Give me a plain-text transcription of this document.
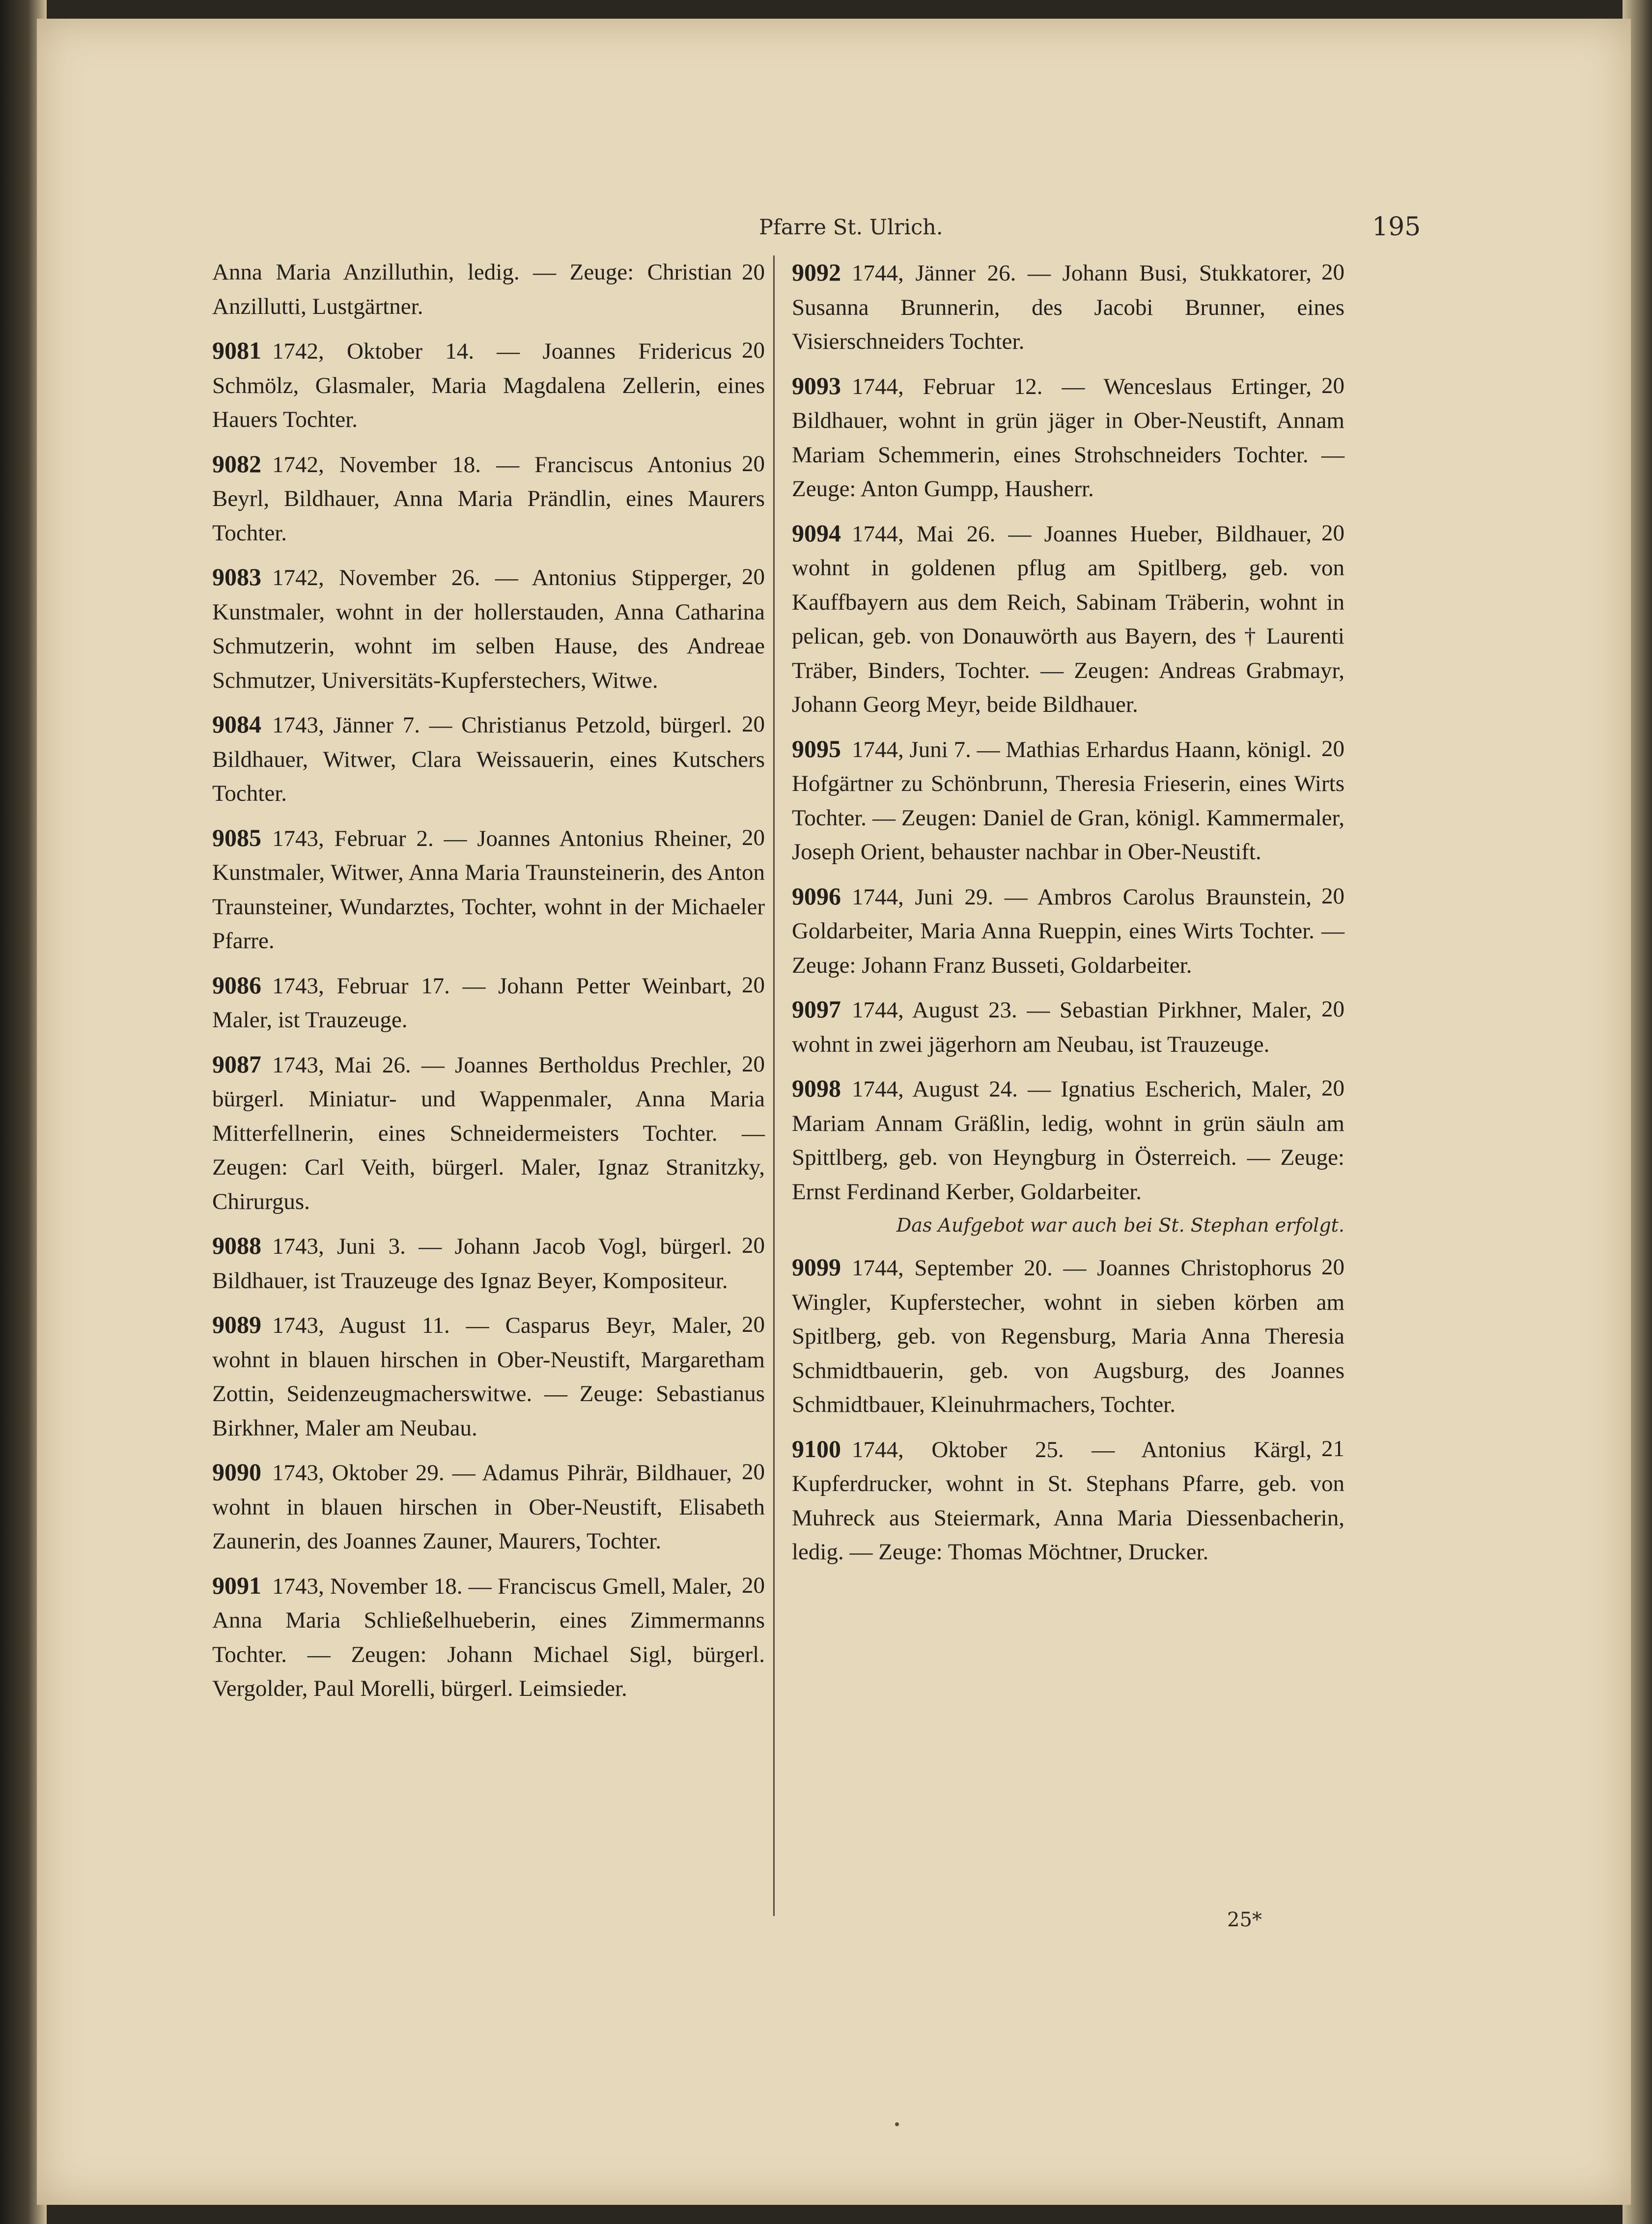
Pfarre St. Ulrich.	195
20
Anna Maria Anzilluthin, ledig. — Zeuge: Christian Anzillutti, Lustgärtner.
9081	20
1742, Oktober 14. — Joannes Fridericus Schmölz, Glasmaler, Maria Magdalena Zellerin, eines Hauers Tochter.
9082	20
1742, November 18. — Franciscus Antonius Beyrl, Bildhauer, Anna Maria Prändlin, eines Maurers Tochter.
9083	20
1742, November 26. — Antonius Stipperger, Kunstmaler, wohnt in der hollerstauden, Anna Catharina Schmutzerin, wohnt im selben Hause, des Andreae Schmutzer, Universitäts-Kupferstechers, Witwe.
9084	20
1743, Jänner 7. — Christianus Petzold, bürgerl. Bildhauer, Witwer, Clara Weissauerin, eines Kutschers Tochter.
9085	20
1743, Februar 2. — Joannes Antonius Rheiner, Kunstmaler, Witwer, Anna Maria Traunsteinerin, des Anton Traunsteiner, Wundarztes, Tochter, wohnt in der Michaeler Pfarre.
9086	20
1743, Februar 17. — Johann Petter Weinbart, Maler, ist Trauzeuge.
9087	20
1743, Mai 26. — Joannes Bertholdus Prechler, bürgerl. Miniatur- und Wappenmaler, Anna Maria Mitterfellnerin, eines Schneidermeisters Tochter. — Zeugen: Carl Veith, bürgerl. Maler, Ignaz Stranitzky, Chirurgus.
9088	20
1743, Juni 3. — Johann Jacob Vogl, bürgerl. Bildhauer, ist Trauzeuge des Ignaz Beyer, Kompositeur.
9089	20
1743, August 11. — Casparus Beyr, Maler, wohnt in blauen hirschen in Ober-Neustift, Margaretham Zottin, Seidenzeugmacherswitwe. — Zeuge: Sebastianus Birkhner, Maler am Neubau.
9090	20
1743, Oktober 29. — Adamus Pihrär, Bildhauer, wohnt in blauen hirschen in Ober-Neustift, Elisabeth Zaunerin, des Joannes Zauner, Maurers, Tochter.
9091	20
1743, November 18. — Franciscus Gmell, Maler, Anna Maria Schließelhueberin, eines Zimmermanns Tochter. — Zeugen: Johann Michael Sigl, bürgerl. Vergolder, Paul Morelli, bürgerl. Leimsieder.
9092	20
1744, Jänner 26. — Johann Busi, Stukkatorer, Susanna Brunnerin, des Jacobi Brunner, eines Visierschneiders Tochter.
9093	20
1744, Februar 12. — Wenceslaus Ertinger, Bildhauer, wohnt in grün jäger in Ober-Neustift, Annam Mariam Schemmerin, eines Strohschneiders Tochter. — Zeuge: Anton Gumpp, Hausherr.
9094	20
1744, Mai 26. — Joannes Hueber, Bildhauer, wohnt in goldenen pflug am Spitlberg, geb. von Kauffbayern aus dem Reich, Sabinam Träberin, wohnt in pelican, geb. von Donauwörth aus Bayern, des † Laurenti Träber, Binders, Tochter. — Zeugen: Andreas Grabmayr, Johann Georg Meyr, beide Bildhauer.
9095	20
1744, Juni 7. — Mathias Erhardus Haann, königl. Hofgärtner zu Schönbrunn, Theresia Frieserin, eines Wirts Tochter. — Zeugen: Daniel de Gran, königl. Kammermaler, Joseph Orient, behauster nachbar in Ober-Neustift.
9096	20
1744, Juni 29. — Ambros Carolus Braunstein, Goldarbeiter, Maria Anna Rueppin, eines Wirts Tochter. — Zeuge: Johann Franz Busseti, Goldarbeiter.
9097	20
1744, August 23. — Sebastian Pirkhner, Maler, wohnt in zwei jägerhorn am Neubau, ist Trauzeuge.
9098	20
1744, August 24. — Ignatius Escherich, Maler, Mariam Annam Gräßlin, ledig, wohnt in grün säuln am Spittlberg, geb. von Heyngburg in Österreich. — Zeuge: Ernst Ferdinand Kerber, Goldarbeiter.
Das Aufgebot war auch bei St. Stephan erfolgt.
9099	20
1744, September 20. — Joannes Christophorus Wingler, Kupferstecher, wohnt in sieben körben am Spitlberg, geb. von Regensburg, Maria Anna Theresia Schmidtbauerin, geb. von Augsburg, des Joannes Schmidtbauer, Kleinuhrmachers, Tochter.
9100	21
1744, Oktober 25. — Antonius Kärgl, Kupferdrucker, wohnt in St. Stephans Pfarre, geb. von Muhreck aus Steiermark, Anna Maria Diessenbacherin, ledig. — Zeuge: Thomas Möchtner, Drucker.
25*
